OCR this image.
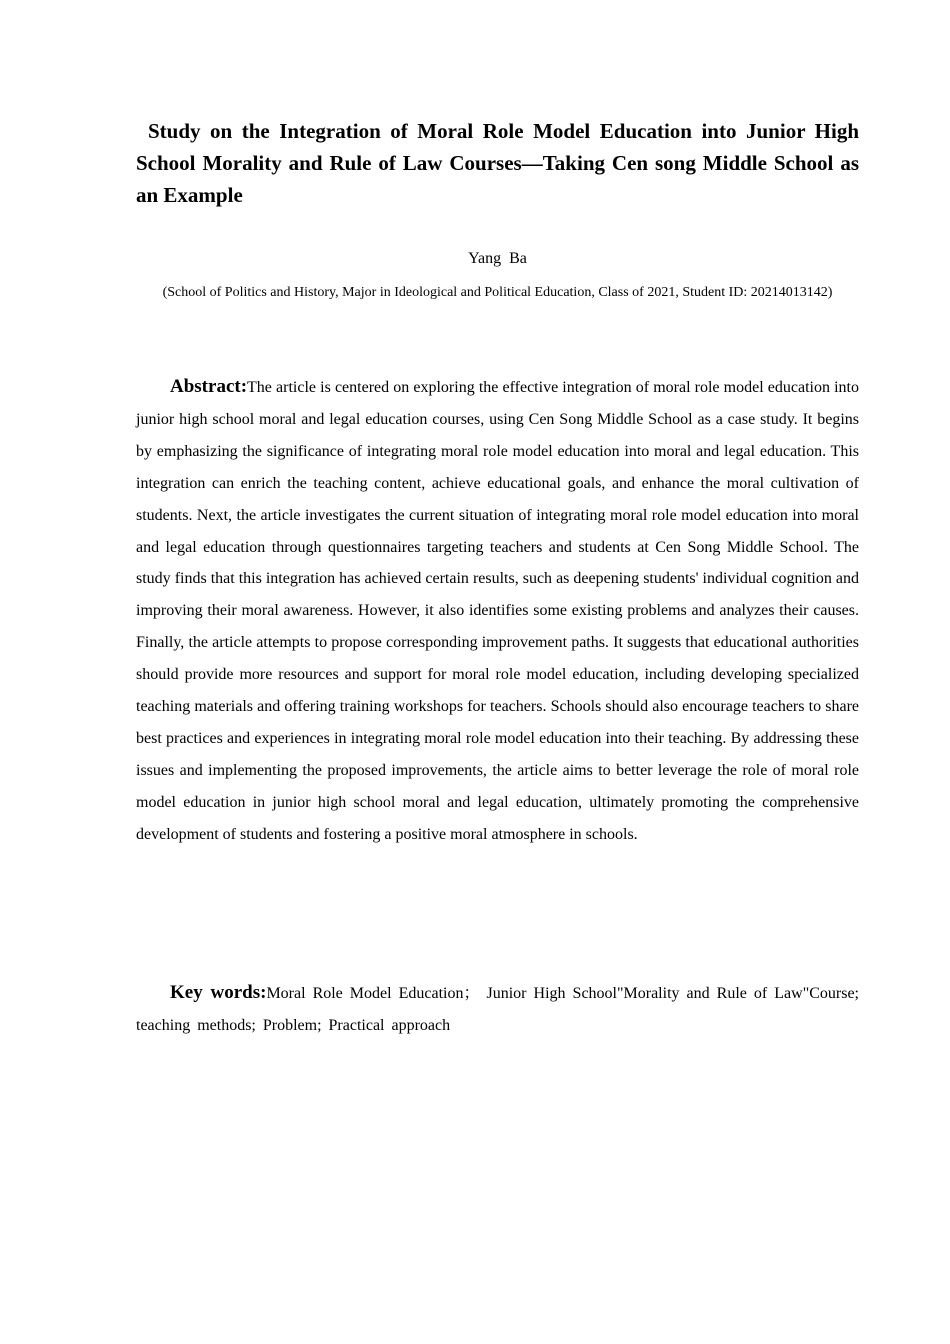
Study on the Integration of Moral Role Model Education into Junior High School Morality and Rule of Law Courses—Taking Cen song Middle School as an Example

Yang Ba

(School of Politics and History, Major in Ideological and Political Education, Class of 2021, Student ID: 20214013142)

Abstract:The article is centered on exploring the effective integration of moral role model education into junior high school moral and legal education courses, using Cen Song Middle School as a case study. It begins by emphasizing the significance of integrating moral role model education into moral and legal education. This integration can enrich the teaching content, achieve educational goals, and enhance the moral cultivation of students. Next, the article investigates the current situation of integrating moral role model education into moral and legal education through questionnaires targeting teachers and students at Cen Song Middle School. The study finds that this integration has achieved certain results, such as deepening students' individual cognition and improving their moral awareness. However, it also identifies some existing problems and analyzes their causes. Finally, the article attempts to propose corresponding improvement paths. It suggests that educational authorities should provide more resources and support for moral role model education, including developing specialized teaching materials and offering training workshops for teachers. Schools should also encourage teachers to share best practices and experiences in integrating moral role model education into their teaching. By addressing these issues and implementing the proposed improvements, the article aims to better leverage the role of moral role model education in junior high school moral and legal education, ultimately promoting the comprehensive development of students and fostering a positive moral atmosphere in schools.

Key words:Moral Role Model Education； Junior High School"Morality and Rule of Law"Course; teaching methods; Problem; Practical approach
